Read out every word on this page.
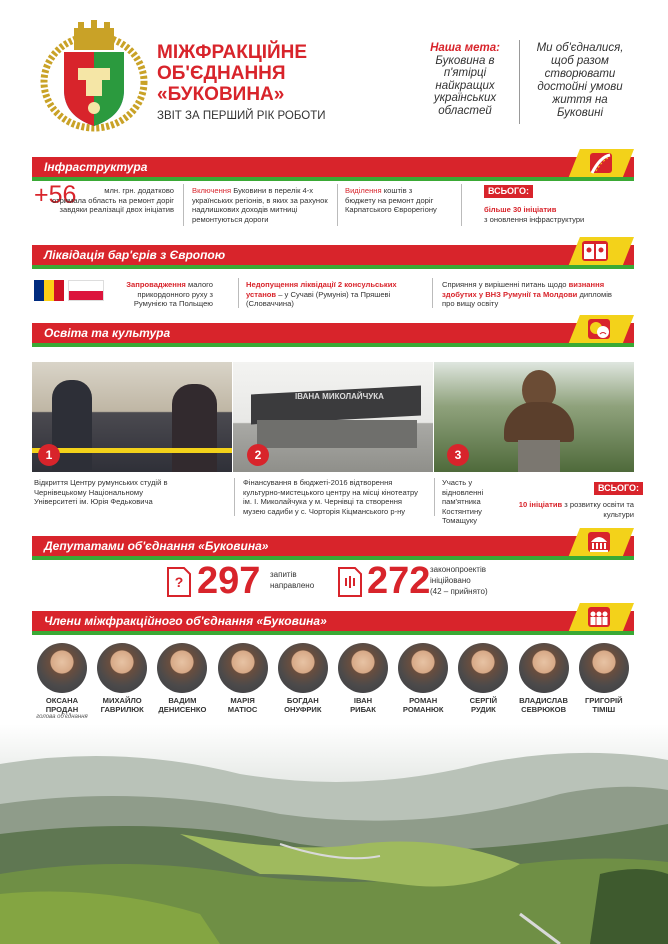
МІЖФРАКЦІЙНЕ
ОБ'ЄДНАННЯ
«БУКОВИНА»
ЗВІТ ЗА ПЕРШИЙ РІК РОБОТИ
Наша мета:
Буковина в п'ятірці найкращих українських областей
Ми об'єдналися, щоб разом створювати достойні умови життя на Буковині
Інфраструктура
+56	млн. грн. додатково отримала область на ремонт доріг завдяки реалізації двох ініціатив
Включення Буковини в перелік 4-х українських регіонів, в яких за рахунок надлишкових доходів митниці ремонтуються дороги
Виділення коштів з бюджету на ремонт доріг Карпатського Єврорегіону
ВСЬОГО:
більше 30 ініціатив
з оновлення інфраструктури
Ліквідація бар'єрів з Європою
Запровадження малого прикордонного руху з Румунією та Польщею
Недопущення ліквідації 2 консульських установ – у Сучаві (Румунія) та Пряшеві (Словаччина)
Сприяння у вирішенні питань щодо визнання здобутих у ВНЗ Румунії та Молдови дипломів про вищу освіту
Освіта та культура
1
ІВАНА МИКОЛАЙЧУКА
2	3
Відкриття Центру румунських студій в Чернівецькому Національному Університеті ім. Юрія Федьковича
Фінансування в бюджеті-2016 відтворення культурно-мистецького центру на місці кінотеатру ім. І. Миколайчука у м. Чернівці та створення музею садиби у с. Чорторія Кіцманського р-ну
Участь у відновленні пам'ятника Костянтину Томащуку
ВСЬОГО:
10 ініціатив з розвитку освіти та культури
Депутатами об'єднання «Буковина»
? 297 запитів направлено	272 законопроектів ініційовано
(42 – прийнято)
Члени міжфракційного об'єднання «Буковина»
ОКСАНА
ПРОДАН
голова об'єднання
МИХАЙЛО
ГАВРИЛЮК
ВАДИМ
ДЕНИСЕНКО
МАРІЯ
МАТІОС
БОГДАН
ОНУФРИК
ІВАН
РИБАК
РОМАН
РОМАНЮК
СЕРГІЙ
РУДИК
ВЛАДИСЛАВ
СЕВРЮКОВ
ГРИГОРІЙ
ТІМІШ
